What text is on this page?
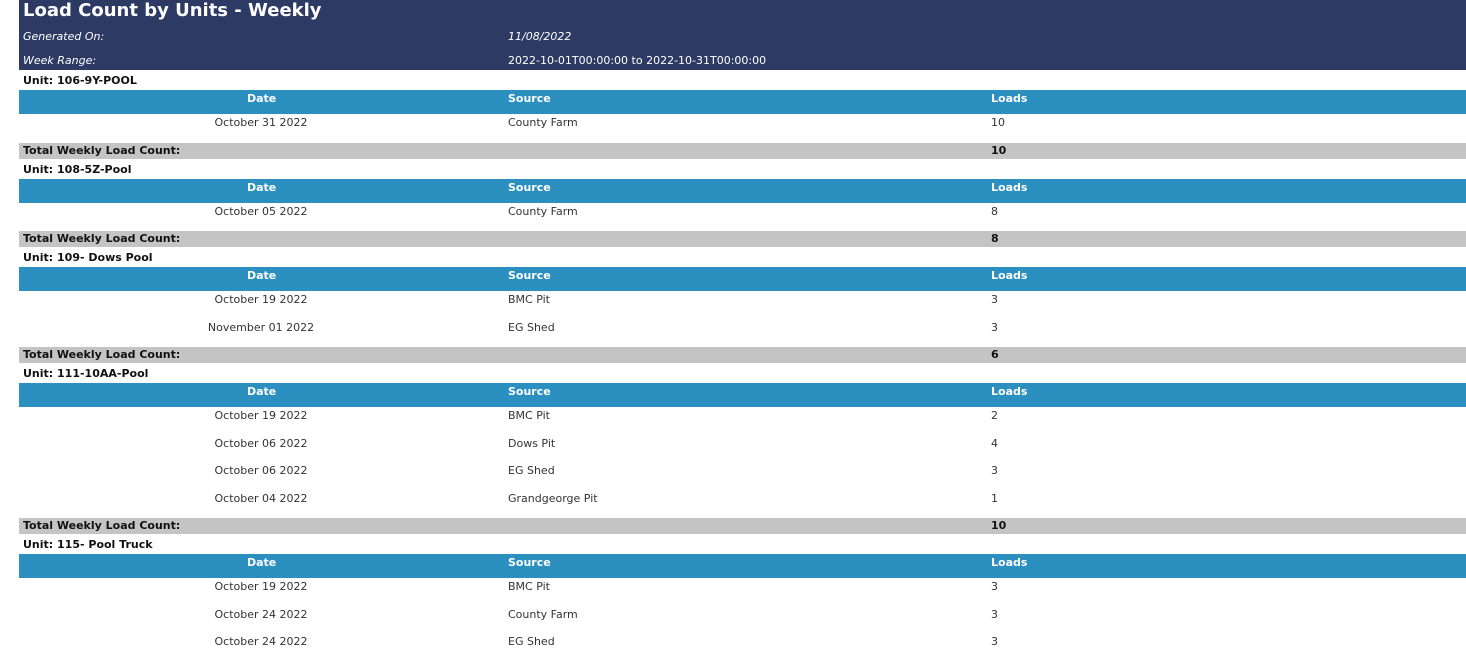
Load Count by Units - Weekly
Generated On:	11/08/2022
Week Range:	2022-10-01T00:00:00 to 2022-10-31T00:00:00
Unit: 106-9Y-POOL
Date	Source	Loads
October 31 2022	County Farm	10
Total Weekly Load Count:	10
Unit: 108-5Z-Pool
Date	Source	Loads
October 05 2022	County Farm	8
Total Weekly Load Count:	8
Unit: 109- Dows Pool
Date	Source	Loads
October 19 2022	BMC Pit	3
November 01 2022	EG Shed	3
Total Weekly Load Count:	6
Unit: 111-10AA-Pool
Date	Source	Loads
October 19 2022	BMC Pit	2
October 06 2022	Dows Pit	4
October 06 2022	EG Shed	3
October 04 2022	Grandgeorge Pit	1
Total Weekly Load Count:	10
Unit: 115- Pool Truck
Date	Source	Loads
October 19 2022	BMC Pit	3
October 24 2022	County Farm	3
October 24 2022	EG Shed	3
